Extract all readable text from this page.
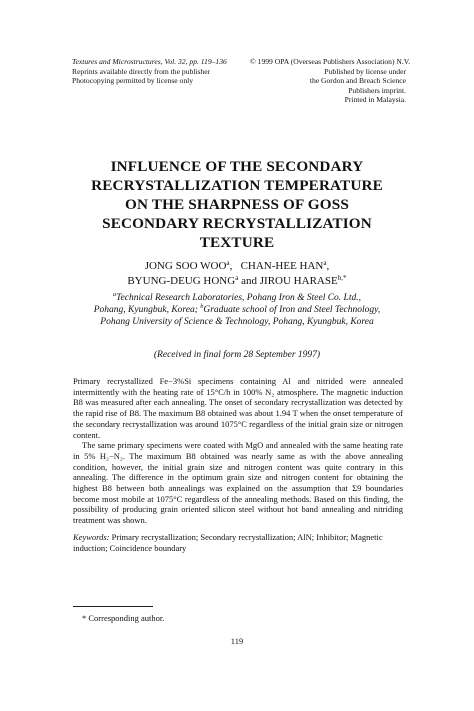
Textures and Microstructures, Vol. 32, pp. 119–136
Reprints available directly from the publisher
Photocopying permitted by license only
© 1999 OPA (Overseas Publishers Association) N.V.
Published by license under
the Gordon and Breach Science
Publishers imprint.
Printed in Malaysia.
INFLUENCE OF THE SECONDARY
RECRYSTALLIZATION TEMPERATURE
ON THE SHARPNESS OF GOSS
SECONDARY RECRYSTALLIZATION
TEXTURE
JONG SOO WOO$^a$,   CHAN-HEE HAN$^a$,
BYUNG-DEUG HONG$^a$ and JIROU $HARASE^{b,*}$
$^a$Technical Research Laboratories, Pohang Iron & Steel Co. Ltd.,
Pohang, Kyungbuk, Korea; $^b$Graduate school of Iron and Steel Technology,
Pohang University of Science & Technology, Pohang, Kyungbuk, Korea
(Received in final form 28 September 1997)

Primary recrystallized Fe−3%Si specimens containing Al and nitrided were annealed intermittently with the heating rate of 15°C/h in 100% N₂ atmosphere. The magnetic induction B8 was measured after each annealing. The onset of secondary recrystallization was detected by the rapid rise of B8. The maximum B8 obtained was about 1.94 T when the onset temperature of the secondary recrystallization was around 1075°C regardless of the initial grain size or nitrogen content.

The same primary specimens were coated with MgO and annealed with the same heating rate in 5% H₂−N₂. The maximum B8 obtained was nearly same as with the above annealing condition, however, the initial grain size and nitrogen content was quite contrary in this annealing. The difference in the optimum grain size and nitrogen content for obtaining the highest B8 between both annealings was explained on the assumption that Σ9 boundaries become most mobile at 1075°C regardless of the annealing methods. Based on this finding, the possibility of producing grain oriented silicon steel without hot band annealing and nitriding treatment was shown.

Keywords: Primary recrystallization; Secondary recrystallization; AlN; Inhibitor; Magnetic induction; Coincidence boundary
* Corresponding author.
119
